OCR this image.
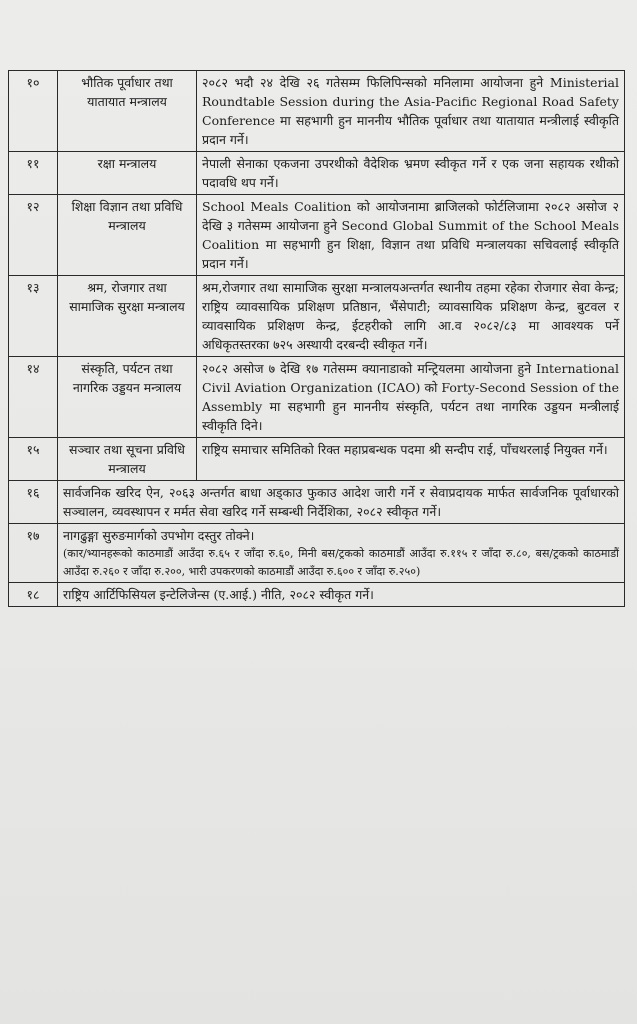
१०	भौतिक पूर्वाधार तथा यातायात मन्त्रालय	२०८२ भदौ २४ देखि २६ गतेसम्म फिलिपिन्सको मनिलामा आयोजना हुने Ministerial Roundtable Session during the Asia-Pacific Regional Road Safety Conference मा सहभागी हुन माननीय भौतिक पूर्वाधार तथा यातायात मन्त्रीलाई स्वीकृति प्रदान गर्ने।
११	रक्षा मन्त्रालय	नेपाली सेनाका एकजना उपरथीको वैदेशिक भ्रमण स्वीकृत गर्ने र एक जना सहायक रथीको पदावधि थप गर्ने।
१२	शिक्षा विज्ञान तथा प्रविधि मन्त्रालय	School Meals Coalition को आयोजनामा ब्राजिलको फोर्टलिजामा २०८२ असोज २ देखि ३ गतेसम्म आयोजना हुने Second Global Summit of the School Meals Coalition मा सहभागी हुन शिक्षा, विज्ञान तथा प्रविधि मन्त्रालयका सचिवलाई स्वीकृति प्रदान गर्ने।
१३	श्रम, रोजगार तथा सामाजिक सुरक्षा मन्त्रालय	श्रम,रोजगार तथा सामाजिक सुरक्षा मन्त्रालयअन्तर्गत स्थानीय तहमा रहेका रोजगार सेवा केन्द्र; राष्ट्रिय व्यावसायिक प्रशिक्षण प्रतिष्ठान, भैंसेपाटी; व्यावसायिक प्रशिक्षण केन्द्र, बुटवल र व्यावसायिक प्रशिक्षण केन्द्र, ईटहरीको लागि आ.व २०८२/८३ मा आवश्यक पर्ने अधिकृतस्तरका ७२५ अस्थायी दरबन्दी स्वीकृत गर्ने।
१४	संस्कृति, पर्यटन तथा नागरिक उड्डयन मन्त्रालय	२०८२ असोज ७ देखि १७ गतेसम्म क्यानाडाको मन्ट्रियलमा आयोजना हुने International Civil Aviation Organization (ICAO) को Forty-Second Session of the Assembly मा सहभागी हुन माननीय संस्कृति, पर्यटन तथा नागरिक उड्डयन मन्त्रीलाई स्वीकृति दिने।
१५	सञ्चार तथा सूचना प्रविधि मन्त्रालय	राष्ट्रिय समाचार समितिको रिक्त महाप्रबन्धक पदमा श्री सन्दीप राई, पाँचथरलाई नियुक्त गर्ने।
१६	सार्वजनिक खरिद ऐन, २०६३ अन्तर्गत बाधा अड्काउ फुकाउ आदेश जारी गर्ने र सेवाप्रदायक मार्फत सार्वजनिक पूर्वाधारको सञ्चालन, व्यवस्थापन र मर्मत सेवा खरिद गर्ने सम्बन्धी निर्देशिका, २०८२ स्वीकृत गर्ने।	
१७	नागढुङ्गा सुरुङमार्गको उपभोग दस्तुर तोक्ने।
(कार/भ्यानहरूको काठमाडौं आउँदा रु.६५ र जाँदा रु.६०, मिनी बस/ट्रकको काठमाडौं आउँदा रु.११५ र जाँदा रु.८०, बस/ट्रकको काठमाडौं आउँदा रु.२६० र जाँदा रु.२००, भारी उपकरणको काठमाडौं आउँदा रु.६०० र जाँदा रु.२५०)	

१८	राष्ट्रिय आर्टिफिसियल इन्टेलिजेन्स (ए.आई.) नीति, २०८२ स्वीकृत गर्ने।	
